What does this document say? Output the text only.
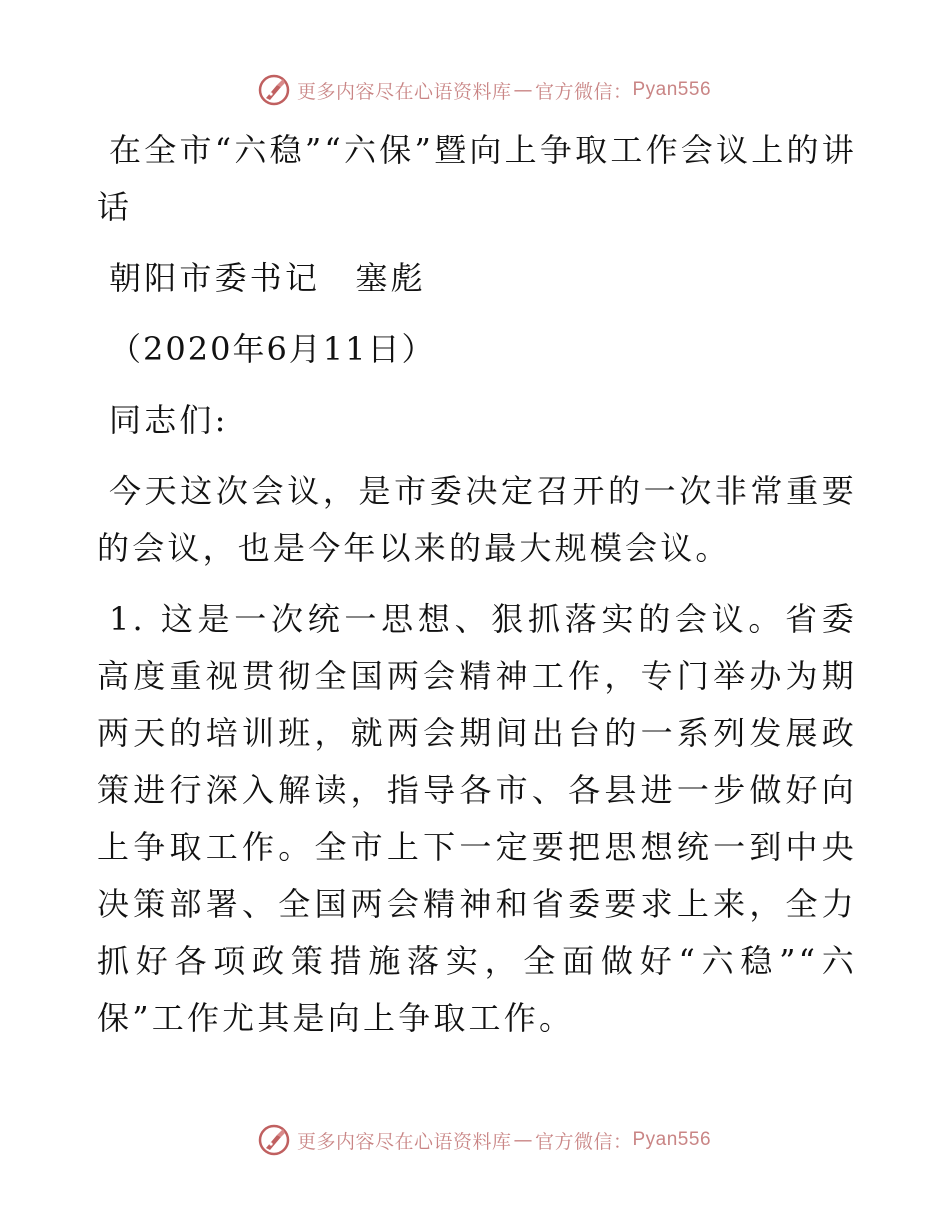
更多内容尽在心语资料库 — 官方微信： Pyan556

在全市“六稳”“六保”暨向上争取工作会议上的讲话

朝阳市委书记　塞彪

（2020年6月11日）

同志们:

今天这次会议，是市委决定召开的一次非常重要的会议，也是今年以来的最大规模会议。

1. 这是一次统一思想、狠抓落实的会议。省委高度重视贯彻全国两会精神工作，专门举办为期两天的培训班，就两会期间出台的一系列发展政策进行深入解读，指导各市、各县进一步做好向上争取工作。全市上下一定要把思想统一到中央决策部署、全国两会精神和省委要求上来，全力抓好各项政策措施落实，全面做好“六稳”“六保”工作尤其是向上争取工作。

更多内容尽在心语资料库 — 官方微信： Pyan556
